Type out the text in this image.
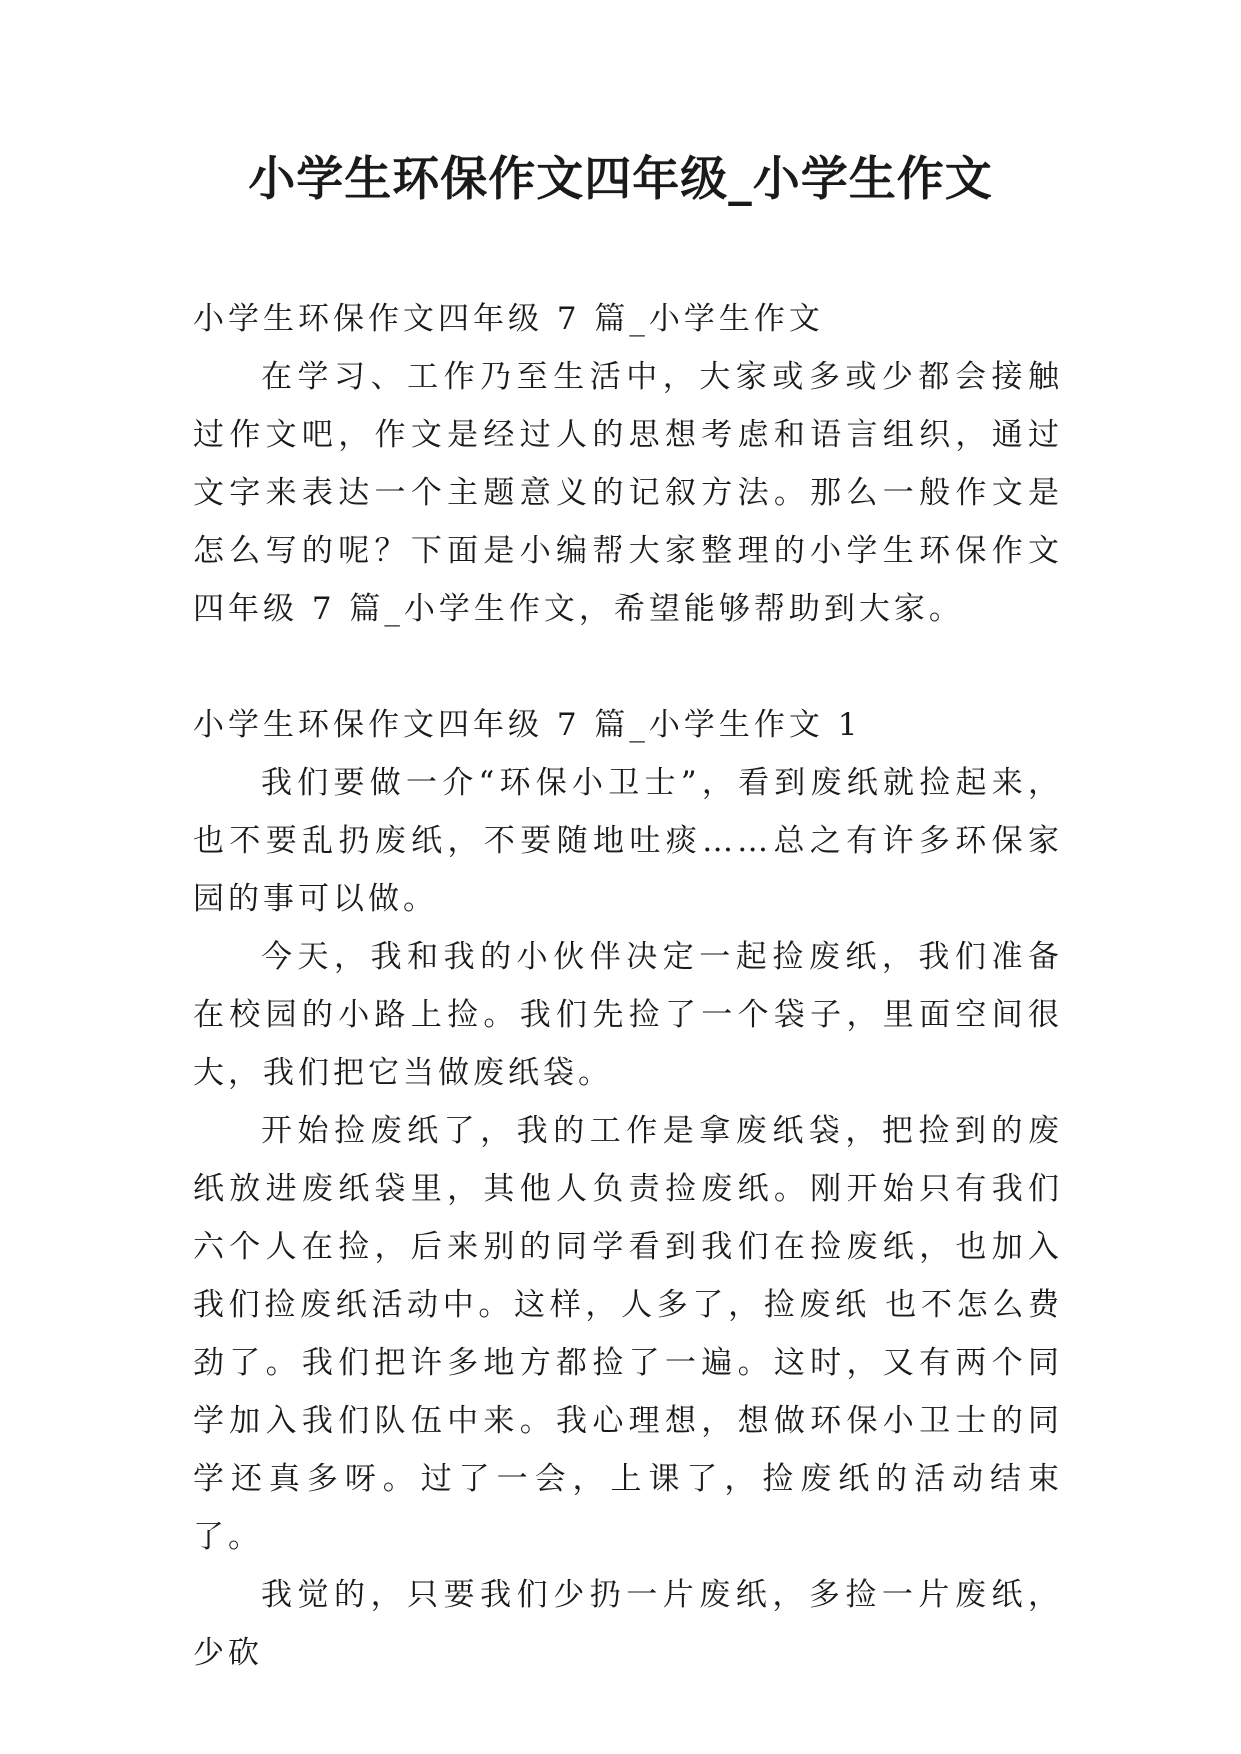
小学生环保作文四年级_小学生作文

小学生环保作文四年级 7 篇_小学生作文

在学习、工作乃至生活中，大家或多或少都会接触过作文吧，作文是经过人的思想考虑和语言组织，通过文字来表达一个主题意义的记叙方法。那么一般作文是怎么写的呢？下面是小编帮大家整理的小学生环保作文四年级 7 篇_小学生作文，希望能够帮助到大家。

小学生环保作文四年级 7 篇_小学生作文 1

我们要做一介“环保小卫士”，看到废纸就捡起来，也不要乱扔废纸，不要随地吐痰……总之有许多环保家园的事可以做。

今天，我和我的小伙伴决定一起捡废纸，我们准备在校园的小路上捡。我们先捡了一个袋子，里面空间很大，我们把它当做废纸袋。

开始捡废纸了，我的工作是拿废纸袋，把捡到的废纸放进废纸袋里，其他人负责捡废纸。刚开始只有我们六个人在捡，后来别的同学看到我们在捡废纸，也加入我们捡废纸活动中。这样，人多了，捡废纸 也不怎么费劲了。我们把许多地方都捡了一遍。这时，又有两个同学加入我们队伍中来。我心理想，想做环保小卫士的同学还真多呀。过了一会，上课了，捡废纸的活动结束了。

我觉的，只要我们少扔一片废纸，多捡一片废纸，少砍
